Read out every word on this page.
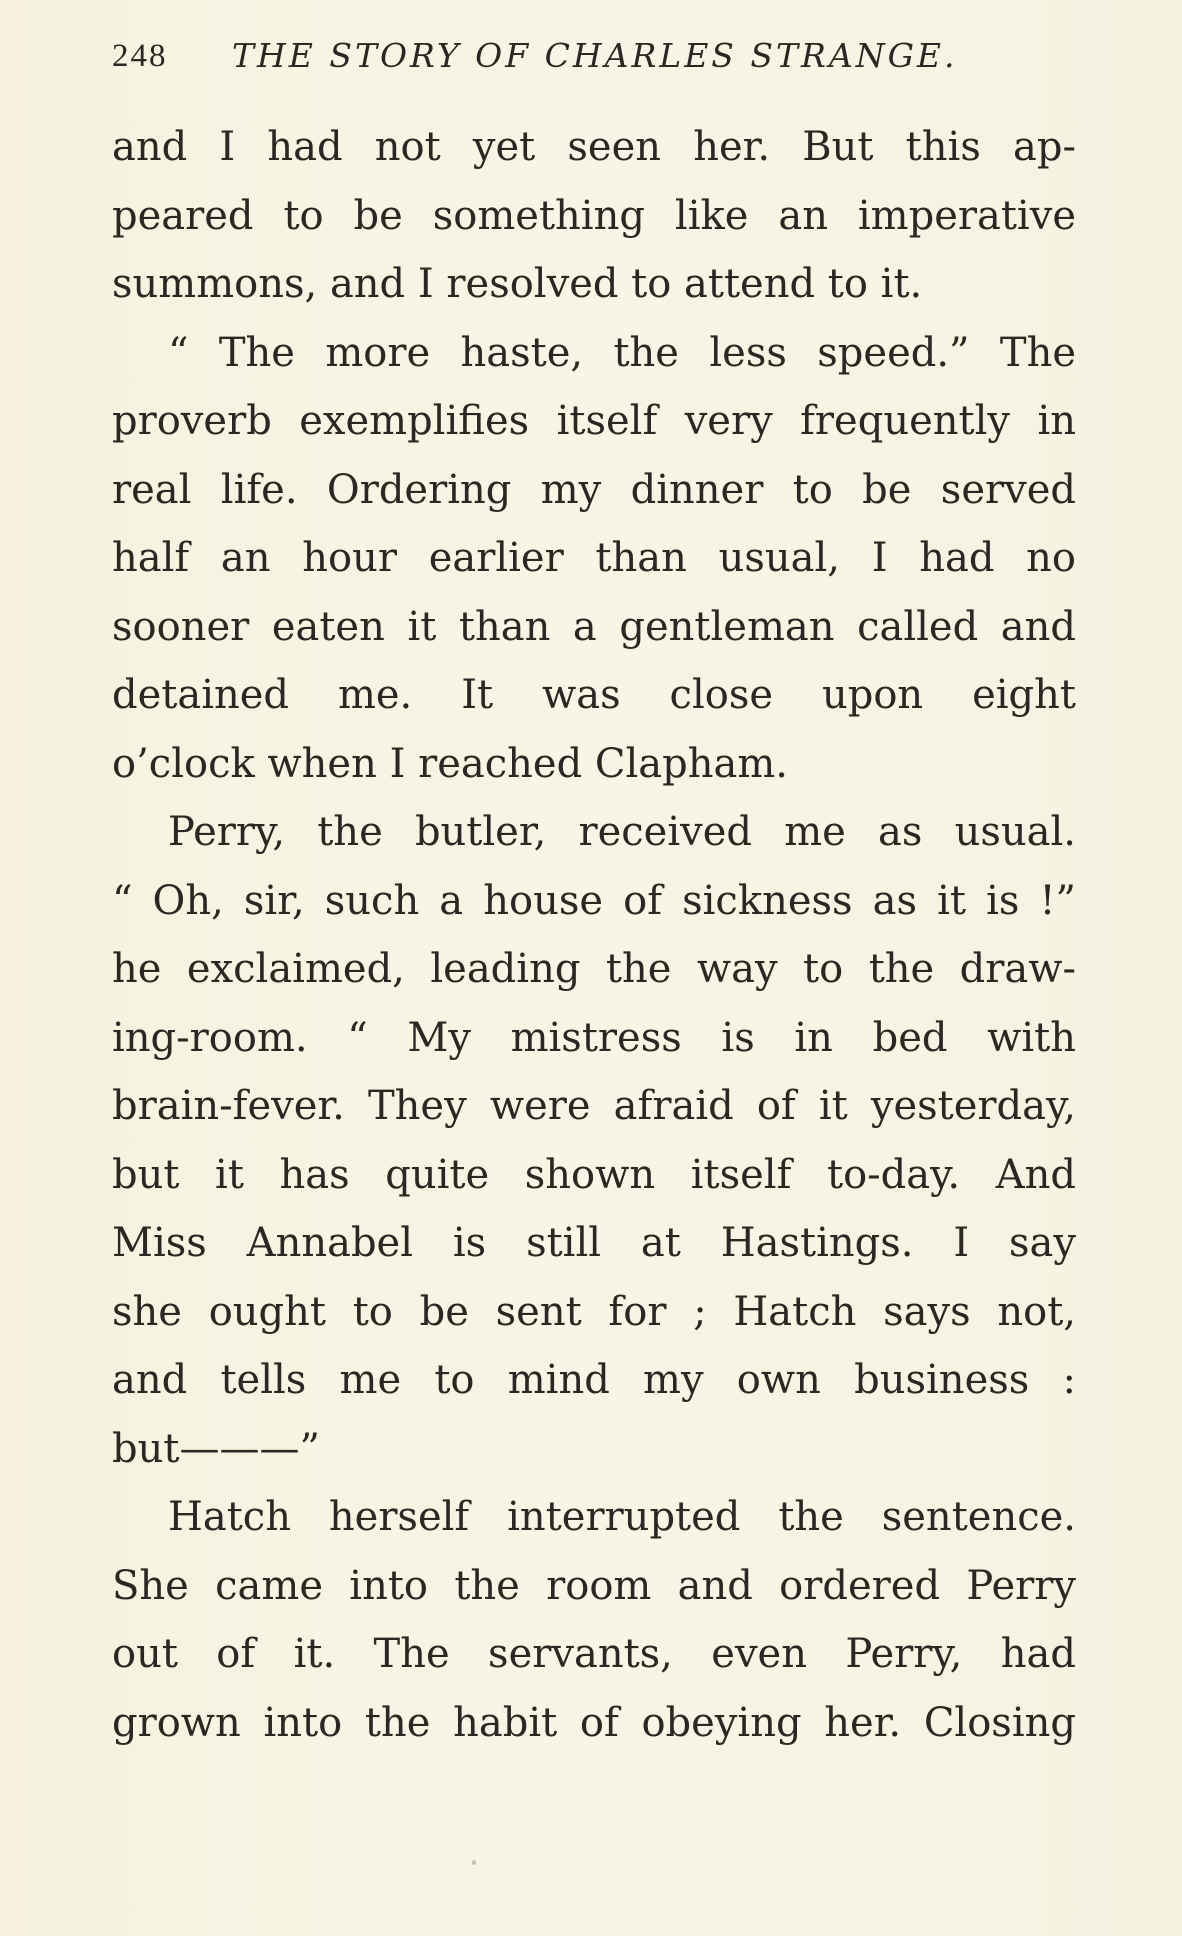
248 THE STORY OF CHARLES STRANGE.
and I had not yet seen her. But this ap-
peared to be something like an imperative
summons, and I resolved to attend to it.
“ The more haste, the less speed.” The
proverb exemplifies itself very frequently in
real life. Ordering my dinner to be served
half an hour earlier than usual, I had no
sooner eaten it than a gentleman called and
detained me. It was close upon eight
o’clock when I reached Clapham.
Perry, the butler, received me as usual.
“ Oh, sir, such a house of sickness as it is !”
he exclaimed, leading the way to the draw-
ing-room. “ My mistress is in bed with
brain-fever. They were afraid of it yesterday,
but it has quite shown itself to-day. And
Miss Annabel is still at Hastings. I say
she ought to be sent for ; Hatch says not,
and tells me to mind my own business :
but———”
Hatch herself interrupted the sentence.
She came into the room and ordered Perry
out of it. The servants, even Perry, had
grown into the habit of obeying her. Closing
